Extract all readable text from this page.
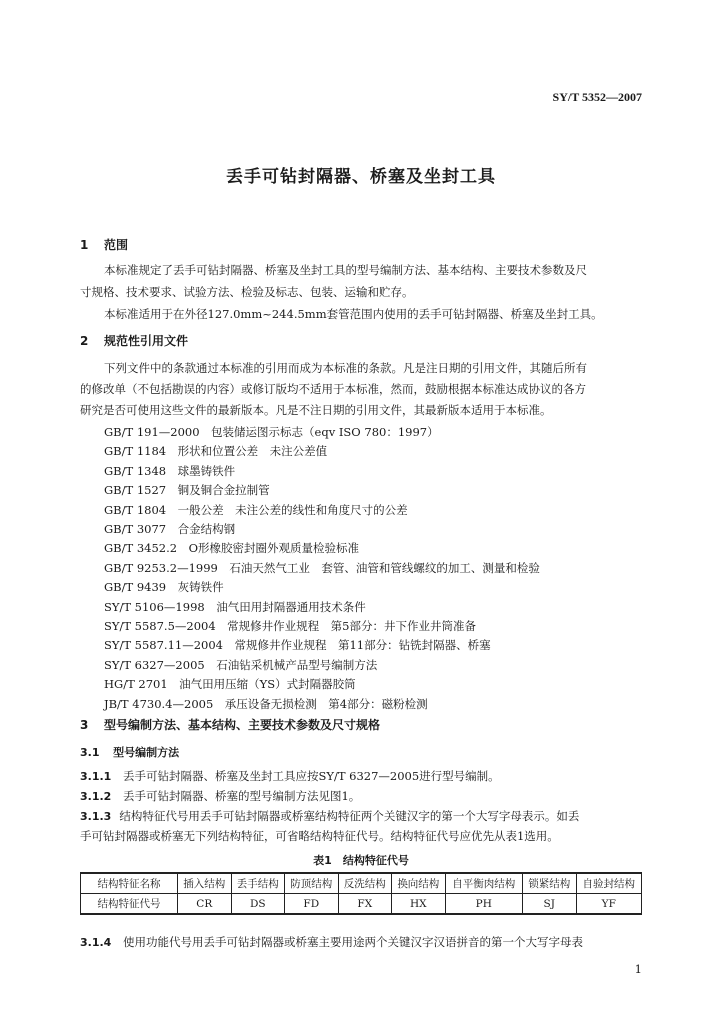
SY/T 5352—2007
丢手可钻封隔器、桥塞及坐封工具
1 范围
本标准规定了丢手可钻封隔器、桥塞及坐封工具的型号编制方法、基本结构、主要技术参数及尺
寸规格、技术要求、试验方法、检验及标志、包装、运输和贮存。
本标准适用于在外径127.0mm~244.5mm套管范围内使用的丢手可钻封隔器、桥塞及坐封工具。
2 规范性引用文件
下列文件中的条款通过本标准的引用而成为本标准的条款。凡是注日期的引用文件，其随后所有
的修改单（不包括勘误的内容）或修订版均不适用于本标准，然而，鼓励根据本标准达成协议的各方
研究是否可使用这些文件的最新版本。凡是不注日期的引用文件，其最新版本适用于本标准。
GB/T 191—2000　包装储运图示标志（eqv ISO 780：1997）
GB/T 1184　形状和位置公差　未注公差值
GB/T 1348　球墨铸铁件
GB/T 1527　铜及铜合金拉制管
GB/T 1804　一般公差　未注公差的线性和角度尺寸的公差
GB/T 3077　合金结构钢
GB/T 3452.2　O形橡胶密封圈外观质量检验标准
GB/T 9253.2—1999　石油天然气工业　套管、油管和管线螺纹的加工、测量和检验
GB/T 9439　灰铸铁件
SY/T 5106—1998　油气田用封隔器通用技术条件
SY/T 5587.5—2004　常规修井作业规程　第5部分：井下作业井筒准备
SY/T 5587.11—2004　常规修井作业规程　第11部分：钻铣封隔器、桥塞
SY/T 6327—2005　石油钻采机械产品型号编制方法
HG/T 2701　油气田用压缩（YS）式封隔器胶筒
JB/T 4730.4—2005　承压设备无损检测　第4部分：磁粉检测
3 型号编制方法、基本结构、主要技术参数及尺寸规格
3.1 型号编制方法
3.1.1 丢手可钻封隔器、桥塞及坐封工具应按SY/T 6327—2005进行型号编制。
3.1.2 丢手可钻封隔器、桥塞的型号编制方法见图1。
表1　结构特征代号
结构特征名称	插入结构	丢手结构	防顶结构	反洗结构	换向结构	自平衡肉结构	锁紧结构	自验封结构
结构特征代号	CR	DS	FD	FX	HX	PH	SJ	YF
3.1.4 使用功能代号用丢手可钻封隔器或桥塞主要用途两个关键汉字汉语拼音的第一个大写字母表
1
3.1.3 结构特征代号用丢手可钻封隔器或桥塞结构特征两个关键汉字的第一个大写字母表示。如丢
手可钻封隔器或桥塞无下列结构特征，可省略结构特征代号。结构特征代号应优先从表1选用。
